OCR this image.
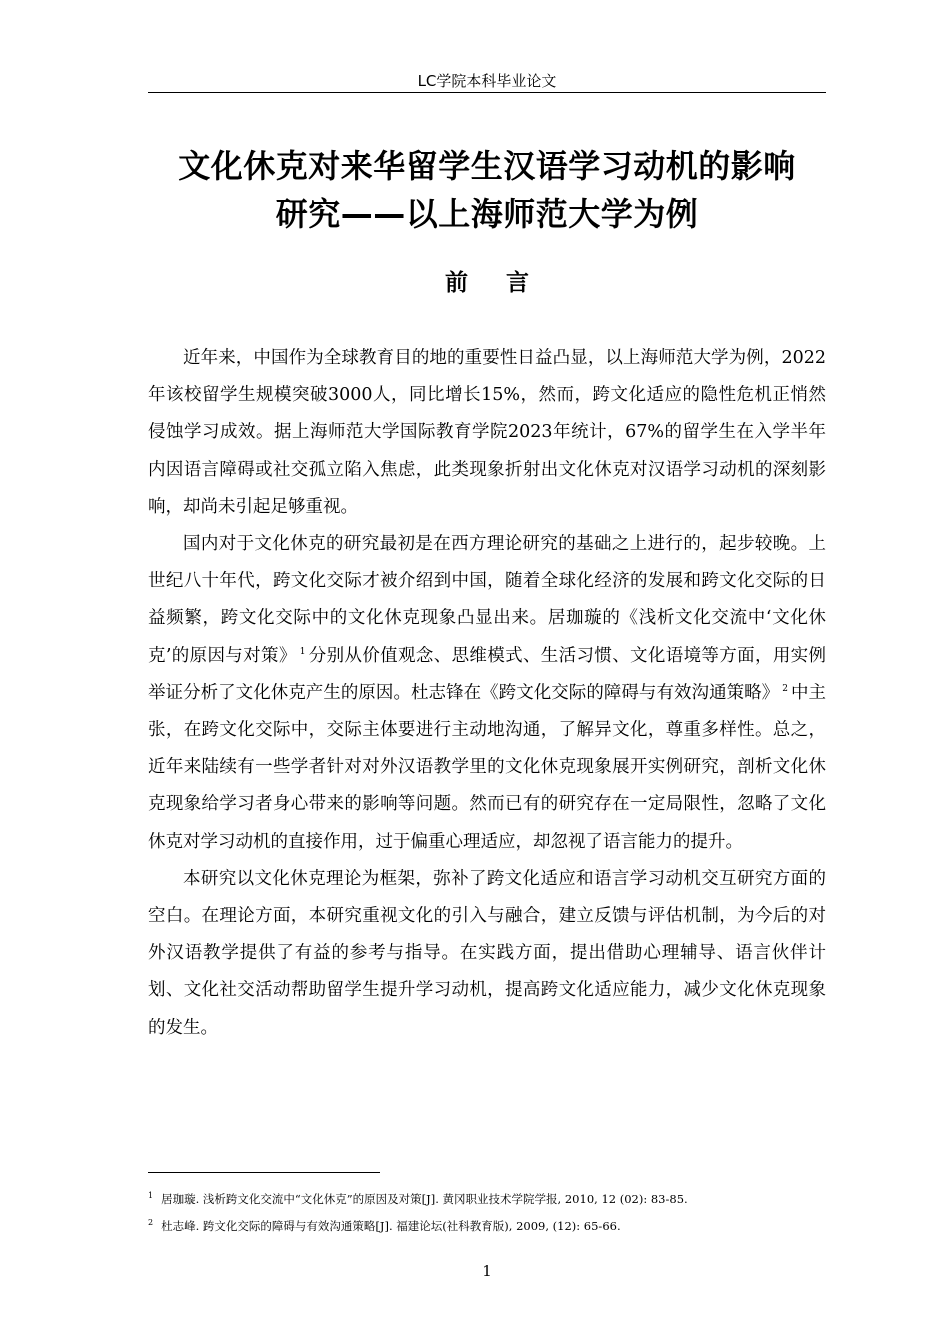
LC学院本科毕业论文
文化休克对来华留学生汉语学习动机的影响
研究——以上海师范大学为例
前 言

近年来，中国作为全球教育目的地的重要性日益凸显，以上海师范大学为例，2022年该校留学生规模突破3000人，同比增长15%，然而，跨文化适应的隐性危机正悄然侵蚀学习成效。据上海师范大学国际教育学院2023年统计，67%的留学生在入学半年内因语言障碍或社交孤立陷入焦虑，此类现象折射出文化休克对汉语学习动机的深刻影响，却尚未引起足够重视。

国内对于文化休克的研究最初是在西方理论研究的基础之上进行的，起步较晚。上世纪八十年代，跨文化交际才被介绍到中国，随着全球化经济的发展和跨文化交际的日益频繁，跨文化交际中的文化休克现象凸显出来。居珈璇的《浅析文化交流中‘文化休克’的原因与对策》 $^1$ 分别从价值观念、思维模式、生活习惯、文化语境等方面，用实例举证分析了文化休克产生的原因。杜志锋在《跨文化交际的障碍与有效沟通策略》 $^2$ 中主张，在跨文化交际中，交际主体要进行主动地沟通，了解异文化，尊重多样性。总之，近年来陆续有一些学者针对对外汉语教学里的文化休克现象展开实例研究，剖析文化休克现象给学习者身心带来的影响等问题。然而已有的研究存在一定局限性，忽略了文化休克对学习动机的直接作用，过于偏重心理适应，却忽视了语言能力的提升。

本研究以文化休克理论为框架，弥补了跨文化适应和语言学习动机交互研究方面的空白。在理论方面，本研究重视文化的引入与融合，建立反馈与评估机制，为今后的对外汉语教学提供了有益的参考与指导。在实践方面，提出借助心理辅导、语言伙伴计划、文化社交活动帮助留学生提升学习动机，提高跨文化适应能力，减少文化休克现象的发生。

$^1$ 居珈璇. 浅析跨文化交流中“文化休克”的原因及对策[J]. 黄冈职业技术学院学报, 2010, 12 (02): 83-85.
$^2$ 杜志峰. 跨文化交际的障碍与有效沟通策略[J]. 福建论坛(社科教育版), 2009, (12): 65-66.
1
